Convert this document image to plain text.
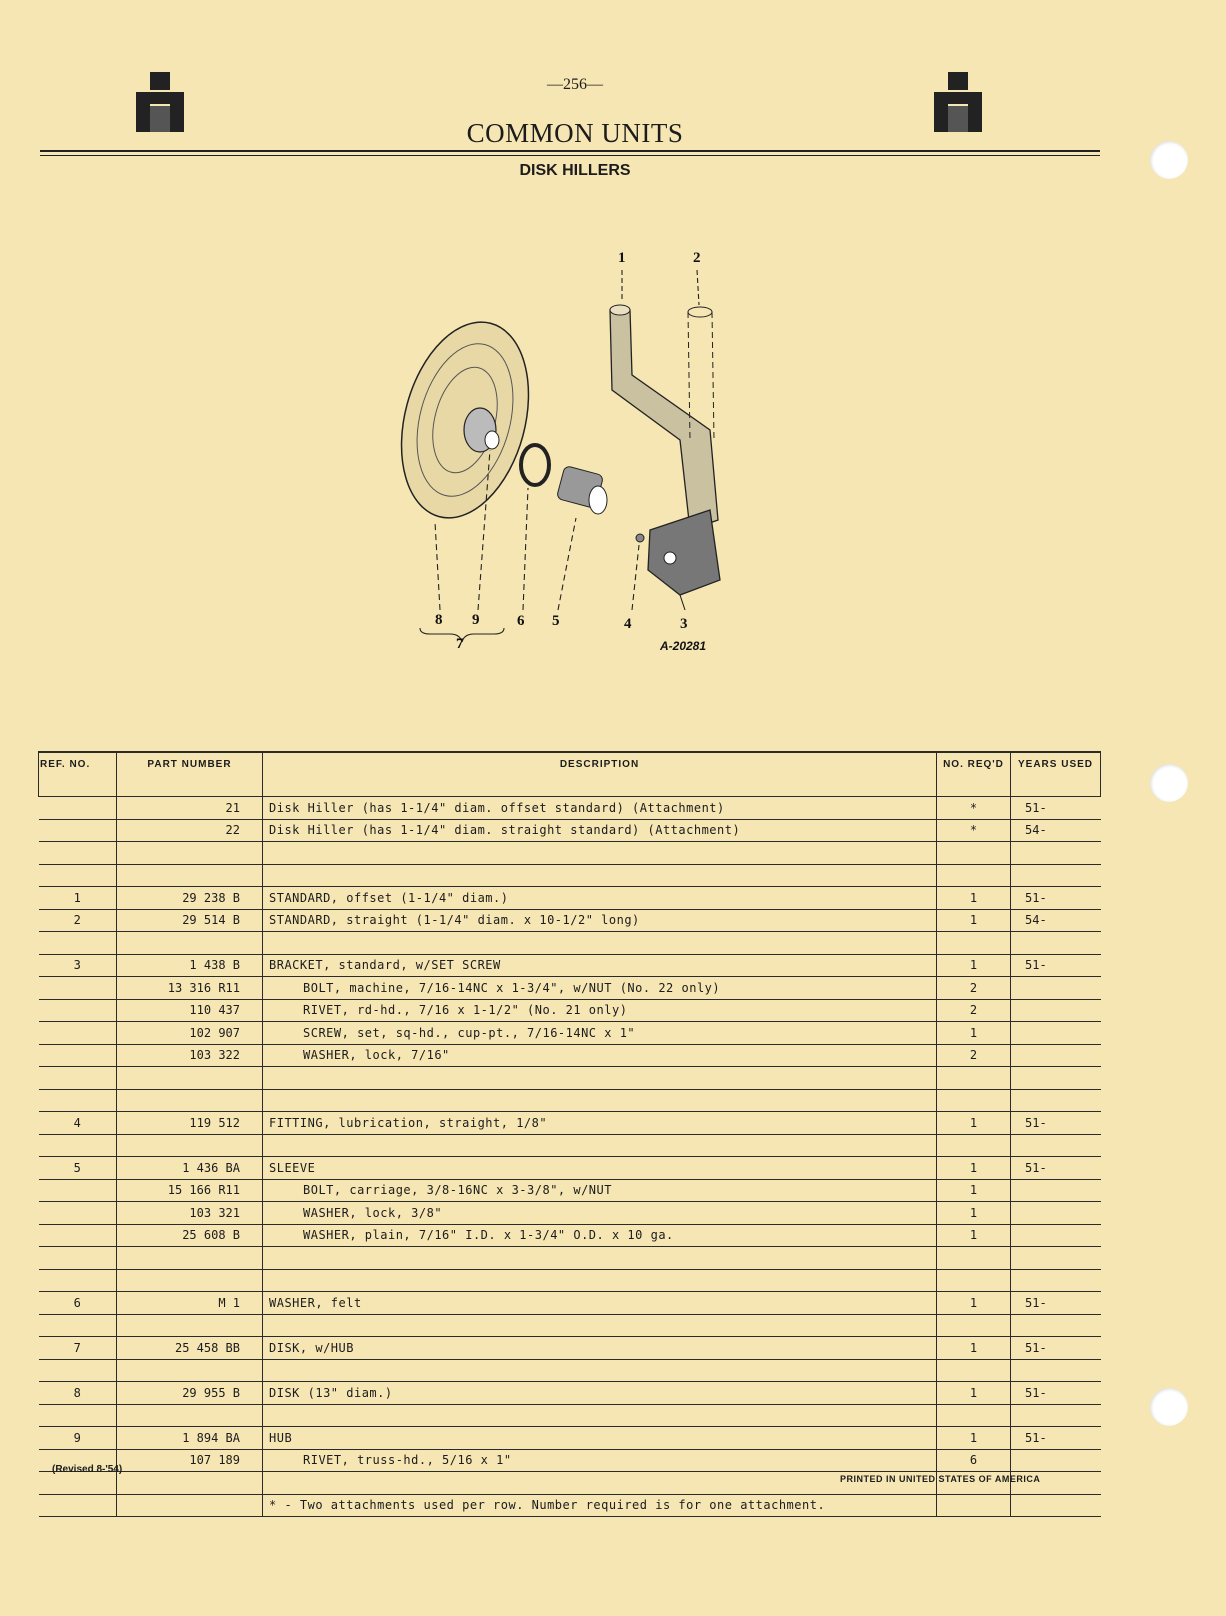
—256—
COMMON UNITS
DISK HILLERS
1	2
3
4
5
6
7
8 9
A-20281
REF. NO.	PART NUMBER	DESCRIPTION	NO. REQ'D	YEARS USED
	21	Disk Hiller (has 1-1/4" diam. offset standard) (Attachment)	*	51-
	22	Disk Hiller (has 1-1/4" diam. straight standard) (Attachment)	*	54-

1	29 238 B	STANDARD, offset (1-1/4" diam.)	1	51-
2	29 514 B	STANDARD, straight (1-1/4" diam. x 10-1/2" long)	1	54-

3	1 438 B	BRACKET, standard, w/SET SCREW	1	51-
	13 316 R11	BOLT, machine, 7/16-14NC x 1-3/4", w/NUT (No. 22 only)	2	
	110 437	RIVET, rd-hd., 7/16 x 1-1/2" (No. 21 only)	2	
	102 907	SCREW, set, sq-hd., cup-pt., 7/16-14NC x 1"	1	
	103 322	WASHER, lock, 7/16"	2	

4	119 512	FITTING, lubrication, straight, 1/8"	1	51-

5	1 436 BA	SLEEVE	1	51-
	15 166 R11	BOLT, carriage, 3/8-16NC x 3-3/8", w/NUT	1	
	103 321	WASHER, lock, 3/8"	1	
	25 608 B	WASHER, plain, 7/16" I.D. x 1-3/4" O.D. x 10 ga.	1	

6	M 1	WASHER, felt	1	51-

7	25 458 BB	DISK, w/HUB	1	51-

8	29 955 B	DISK (13" diam.)	1	51-

9	1 894 BA	HUB	1	51-
	107 189	RIVET, truss-hd., 5/16 x 1"	6	

		* - Two attachments used per row. Number required is for one attachment.		
(Revised 8-'54)
PRINTED IN UNITED STATES OF AMERICA
